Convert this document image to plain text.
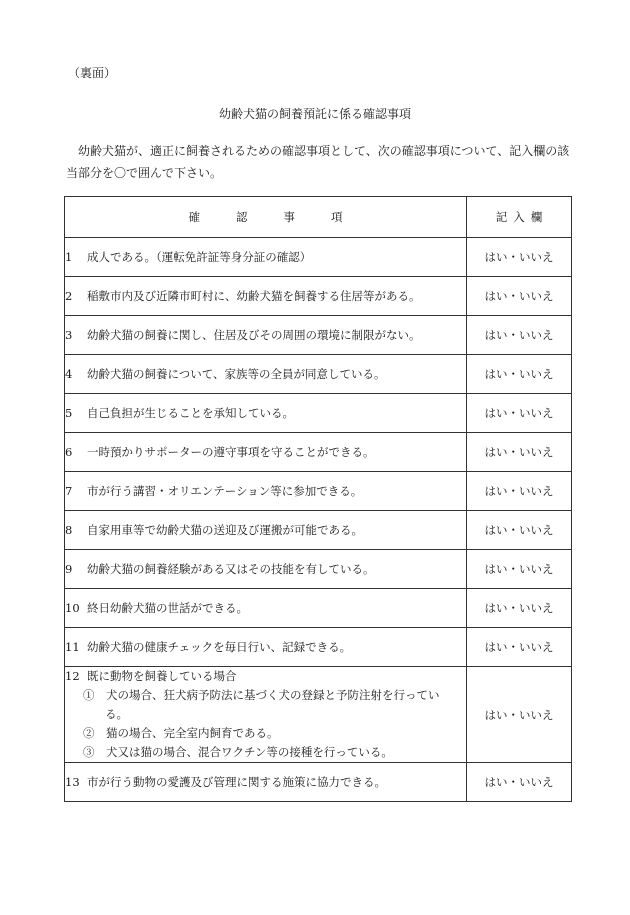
（裏面）
幼齢犬猫の飼養預託に係る確認事項
幼齢犬猫が、適正に飼養されるための確認事項として、次の確認事項について、記入欄の該当部分を〇で囲んで下さい。
確 認 事 項	記 入 欄
1 成人である。（運転免許証等身分証の確認）	はい・いいえ
2 稲敷市内及び近隣市町村に、幼齢犬猫を飼養する住居等がある。	はい・いいえ
3 幼齢犬猫の飼養に関し、住居及びその周囲の環境に制限がない。	はい・いいえ
4 幼齢犬猫の飼養について、家族等の全員が同意している。	はい・いいえ
5 自己負担が生じることを承知している。	はい・いいえ
6 一時預かりサポーターの遵守事項を守ることができる。	はい・いいえ
7 市が行う講習・オリエンテーション等に参加できる。	はい・いいえ
8 自家用車等で幼齢犬猫の送迎及び運搬が可能である。	はい・いいえ
9 幼齢犬猫の飼養経験がある又はその技能を有している。	はい・いいえ
10 終日幼齢犬猫の世話ができる。	はい・いいえ
11 幼齢犬猫の健康チェックを毎日行い、記録できる。	はい・いいえ

12 既に動物を飼養している場合
①　犬の場合、狂犬病予防法に基づく犬の登録と予防注射を行ってい
る。
②　猫の場合、完全室内飼育である。
③　犬又は猫の場合、混合ワクチン等の接種を行っている。	はい・いいえ
13 市が行う動物の愛護及び管理に関する施策に協力できる。	はい・いいえ
